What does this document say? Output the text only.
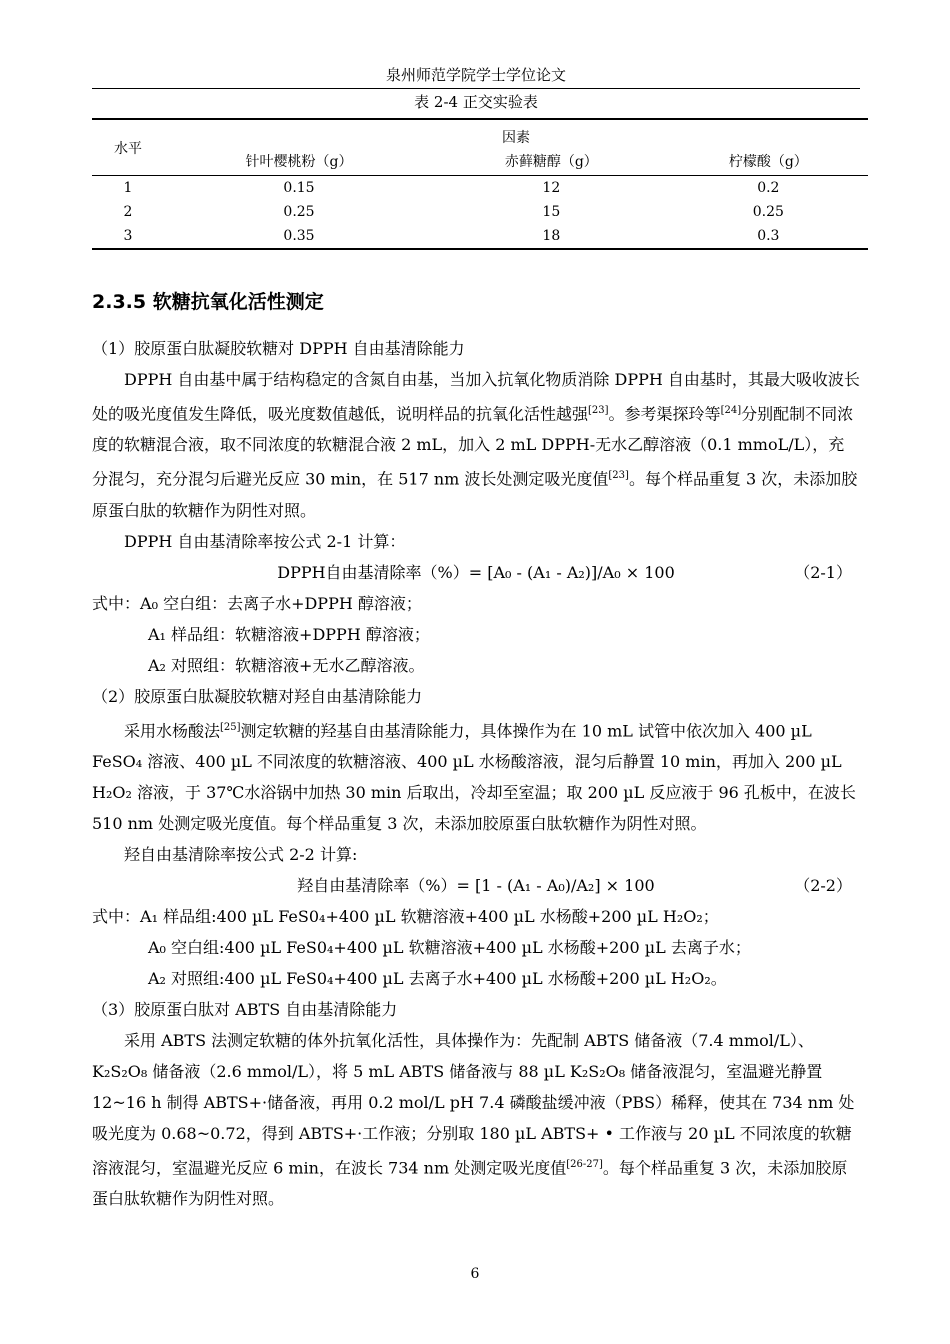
泉州师范学院学士学位论文
表 2-4 正交实验表
水平	因素		
	针叶樱桃粉（g）	赤藓糖醇（g）	柠檬酸（g）
1	0.15	12	0.2
2	0.25	15	0.25
3	0.35	18	0.3
2.3.5 软糖抗氧化活性测定

（1）胶原蛋白肽凝胶软糖对 DPPH 自由基清除能力

DPPH 自由基中属于结构稳定的含氮自由基，当加入抗氧化物质消除 DPPH 自由基时，其最大吸收波长处的吸光度值发生降低，吸光度数值越低，说明样品的抗氧化活性越强[23]。参考渠探玲等[24]分别配制不同浓度的软糖混合液，取不同浓度的软糖混合液 2 mL，加入 2 mL DPPH-无水乙醇溶液（0.1 mmoL/L），充分混匀，充分混匀后避光反应 30 min，在 517 nm 波长处测定吸光度值[23]。每个样品重复 3 次，未添加胶原蛋白肽的软糖作为阴性对照。

DPPH 自由基清除率按公式 2-1 计算：

DPPH自由基清除率（%）= [A₀ - (A₁ - A₂)]/A₀ × 100	（2-1）

式中：A₀ 空白组：去离子水+DPPH 醇溶液；

A₁ 样品组：软糖溶液+DPPH 醇溶液；

A₂ 对照组：软糖溶液+无水乙醇溶液。

（2）胶原蛋白肽凝胶软糖对羟自由基清除能力

采用水杨酸法[25]测定软糖的羟基自由基清除能力，具体操作为在 10 mL 试管中依次加入 400 µL FeSO₄ 溶液、400 µL 不同浓度的软糖溶液、400 µL 水杨酸溶液，混匀后静置 10 min，再加入 200 µL H₂O₂ 溶液，于 37℃水浴锅中加热 30 min 后取出，冷却至室温；取 200 µL 反应液于 96 孔板中，在波长 510 nm 处测定吸光度值。每个样品重复 3 次，未添加胶原蛋白肽软糖作为阴性对照。

羟自由基清除率按公式 2-2 计算:

羟自由基清除率（%）= [1 - (A₁ - A₀)/A₂] × 100	（2-2）

式中：A₁ 样品组:400 µL FeS0₄+400 µL 软糖溶液+400 µL 水杨酸+200 µL H₂O₂；

A₀ 空白组:400 µL FeS0₄+400 µL 软糖溶液+400 µL 水杨酸+200 µL 去离子水；

A₂ 对照组:400 µL FeS0₄+400 µL 去离子水+400 µL 水杨酸+200 µL H₂O₂。

（3）胶原蛋白肽对 ABTS 自由基清除能力

采用 ABTS 法测定软糖的体外抗氧化活性，具体操作为：先配制 ABTS 储备液（7.4 mmol/L）、K₂S₂O₈ 储备液（2.6 mmol/L），将 5 mL ABTS 储备液与 88 µL K₂S₂O₈ 储备液混匀，室温避光静置 12~16 h 制得 ABTS+·储备液，再用 0.2 mol/L pH 7.4 磷酸盐缓冲液（PBS）稀释，使其在 734 nm 处吸光度为 0.68~0.72，得到 ABTS+·工作液；分别取 180 µL ABTS+ • 工作液与 20 µL 不同浓度的软糖溶液混匀，室温避光反应 6 min，在波长 734 nm 处测定吸光度值[26-27]。每个样品重复 3 次，未添加胶原蛋白肽软糖作为阴性对照。

6
